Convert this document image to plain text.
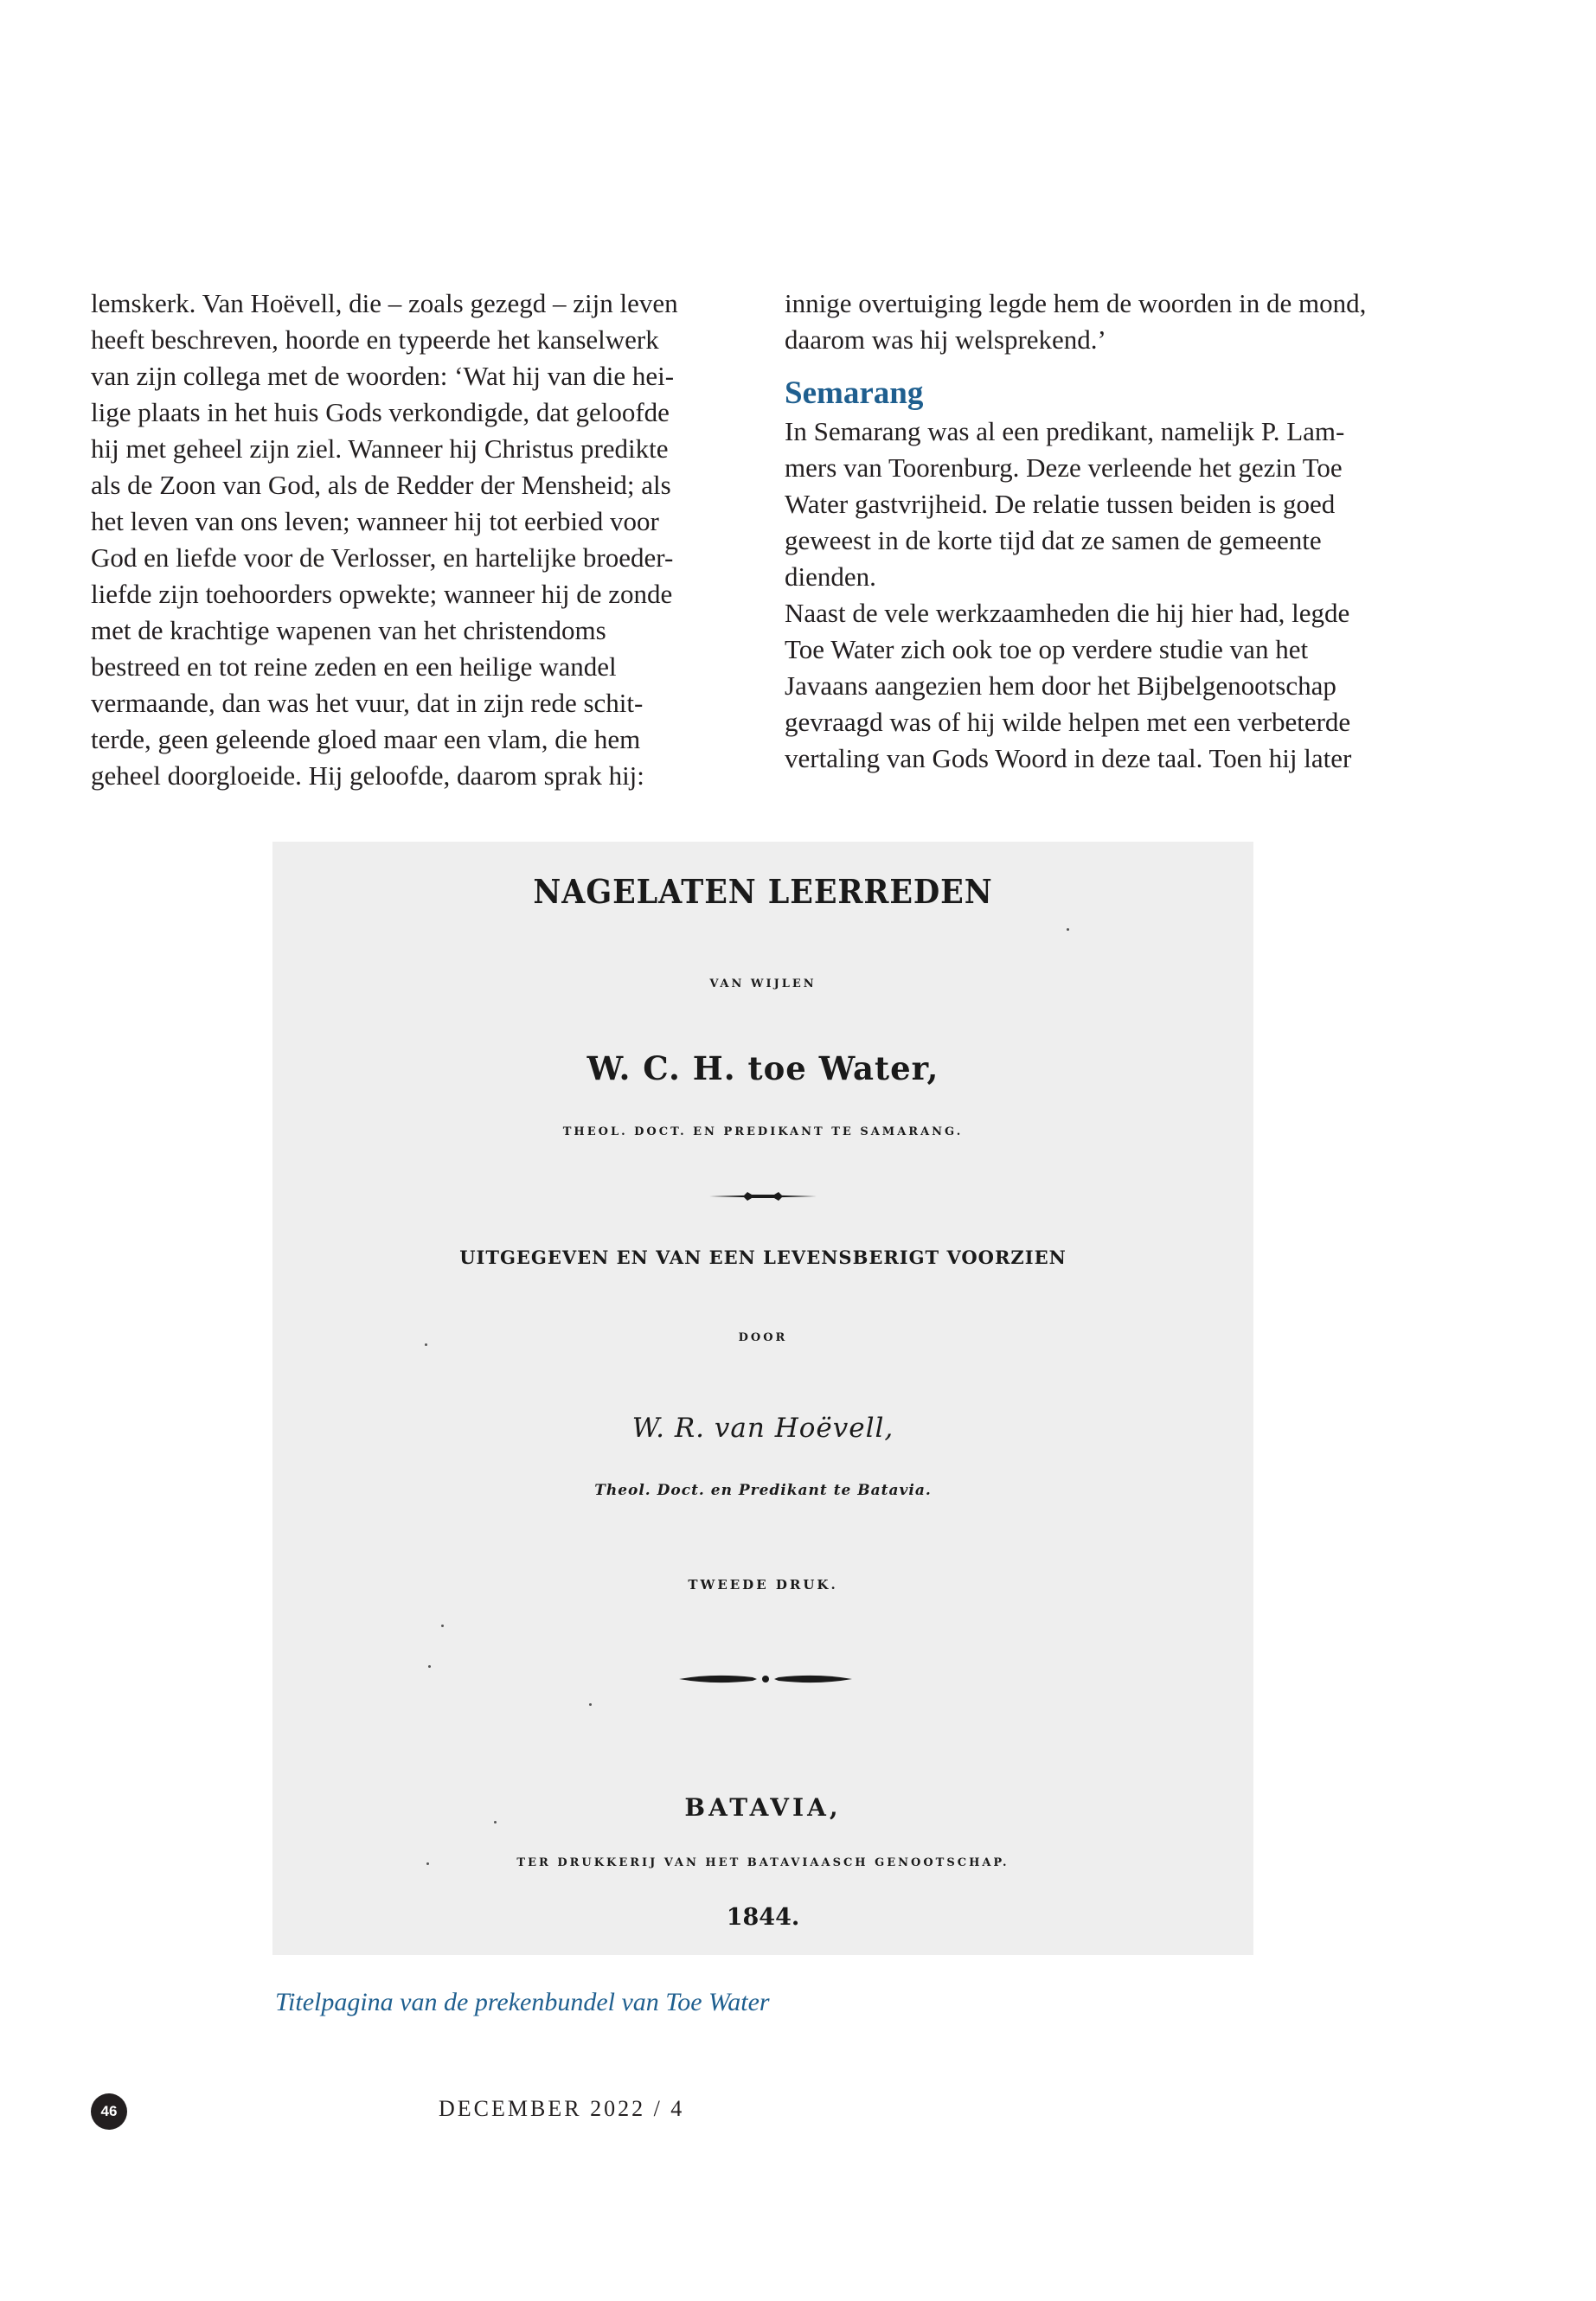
lemskerk. Van Hoëvell, die – zoals gezegd – zijn leven

heeft beschreven, hoorde en typeerde het kanselwerk

van zijn collega met de woorden: ‘Wat hij van die hei-

lige plaats in het huis Gods verkondigde, dat geloofde

hij met geheel zijn ziel. Wanneer hij Christus predikte

als de Zoon van God, als de Redder der Mensheid; als

het leven van ons leven; wanneer hij tot eerbied voor

God en liefde voor de Verlosser, en hartelijke broeder-

liefde zijn toehoorders opwekte; wanneer hij de zonde

met de krachtige wapenen van het christendoms

bestreed en tot reine zeden en een heilige wandel

vermaande, dan was het vuur, dat in zijn rede schit-

terde, geen geleende gloed maar een vlam, die hem

geheel doorgloeide. Hij geloofde, daarom sprak hij:

innige overtuiging legde hem de woorden in de mond,

daarom was hij welsprekend.’

Semarang

In Semarang was al een predikant, namelijk P. Lam-

mers van Toorenburg. Deze verleende het gezin Toe

Water gastvrijheid. De relatie tussen beiden is goed

geweest in de korte tijd dat ze samen de gemeente

dienden.

Naast de vele werkzaamheden die hij hier had, legde

Toe Water zich ook toe op verdere studie van het

Javaans aangezien hem door het Bijbelgenootschap

gevraagd was of hij wilde helpen met een verbeterde

vertaling van Gods Woord in deze taal. Toen hij later

NAGELATEN LEERREDEN
VAN WIJLEN
W. C. H. toe Water,
THEOL. DOCT. EN PREDIKANT TE SAMARANG.
UITGEGEVEN EN VAN EEN LEVENSBERIGT VOORZIEN
DOOR
W. R. van Hoëvell,
Theol. Doct. en Predikant te Batavia.
TWEEDE DRUK.
BATAVIA,
TER DRUKKERIJ VAN HET BATAVIAASCH GENOOTSCHAP.
1844.
Titelpagina van de prekenbundel van Toe Water
46	DECEMBER 2022 / 4
